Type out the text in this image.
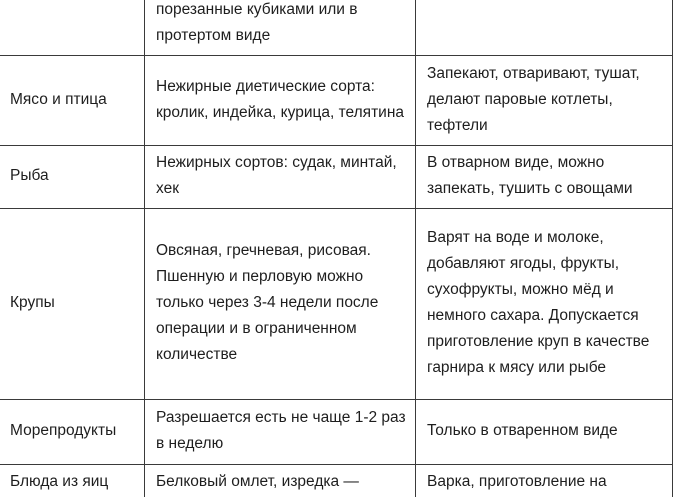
	порезанные кубиками или в протертом виде	
Мясо и птица	Нежирные диетические сорта: кролик, индейка, курица, телятина	Запекают, отваривают, тушат, делают паровые котлеты, тефтели
Рыба	Нежирных сортов: судак, минтай, хек	В отварном виде, можно запекать, тушить с овощами
Крупы	Овсяная, гречневая, рисовая. Пшенную и перловую можно только через 3-4 недели после операции и в ограниченном количестве	Варят на воде и молоке, добавляют ягоды, фрукты, сухофрукты, можно мёд и немного сахара. Допускается приготовление круп в качестве гарнира к мясу или рыбе
Морепродукты	Разрешается есть не чаще 1-2 раз в неделю	Только в отваренном виде
Блюда из яиц	Белковый омлет, изредка —	Варка, приготовление на
